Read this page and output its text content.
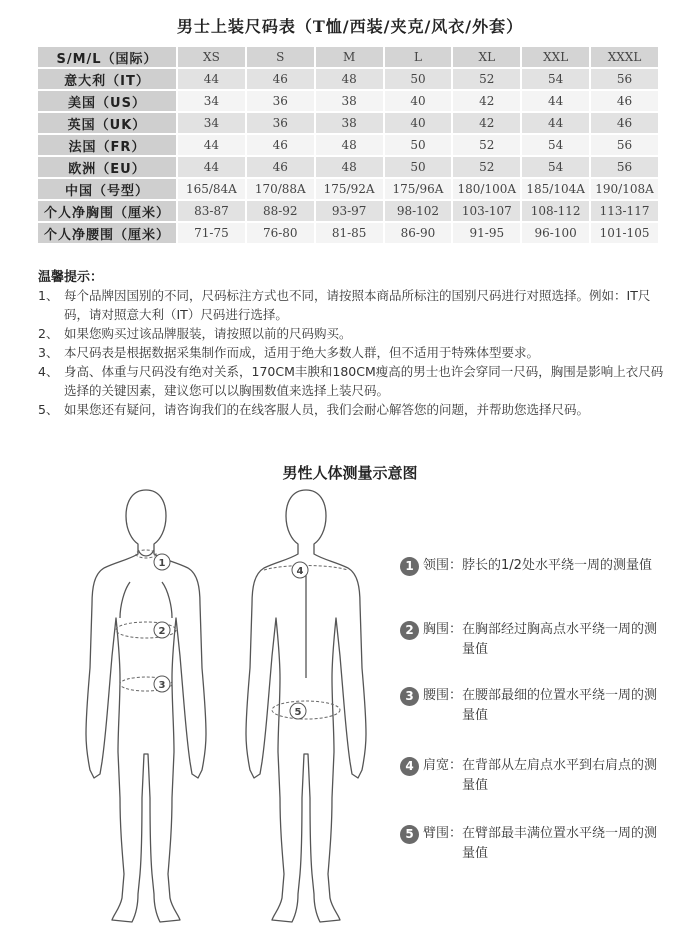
男士上装尺码表（T恤/西装/夹克/风衣/外套）
S/M/L（国际）	XS	S	M	L	XL	XXL	XXXL
意大利（IT）	44	46	48	50	52	54	56
美国（US）	34	36	38	40	42	44	46
英国（UK）	34	36	38	40	42	44	46
法国（FR）	44	46	48	50	52	54	56
欧洲（EU）	44	46	48	50	52	54	56
中国（号型）	165/84A	170/88A	175/92A	175/96A	180/100A	185/104A	190/108A
个人净胸围（厘米）	83-87	88-92	93-97	98-102	103-107	108-112	113-117
个人净腰围（厘米）	71-75	76-80	81-85	86-90	91-95	96-100	101-105
温馨提示：
1、 每个品牌因国别的不同，尺码标注方式也不同，请按照本商品所标注的国别尺码进行对照选择。例如：IT尺码，请对照意大利（IT）尺码进行选择。
2、 如果您购买过该品牌服装，请按照以前的尺码购买。
3、 本尺码表是根据数据采集制作而成，适用于绝大多数人群，但不适用于特殊体型要求。
4、 身高、体重与尺码没有绝对关系，170CM丰腴和180CM瘦高的男士也许会穿同一尺码，胸围是影响上衣尺码选择的关键因素，建议您可以以胸围数值来选择上装尺码。
5、 如果您还有疑问，请咨询我们的在线客服人员，我们会耐心解答您的问题，并帮助您选择尺码。
男性人体测量示意图
1
2
3
4
5
1 领围： 脖长的1/2处水平绕一周的测量值
2 胸围： 在胸部经过胸高点水平绕一周的测量值
3 腰围： 在腰部最细的位置水平绕一周的测量值
4 肩宽： 在背部从左肩点水平到右肩点的测量值
5 臂围： 在臂部最丰满位置水平绕一周的测量值
